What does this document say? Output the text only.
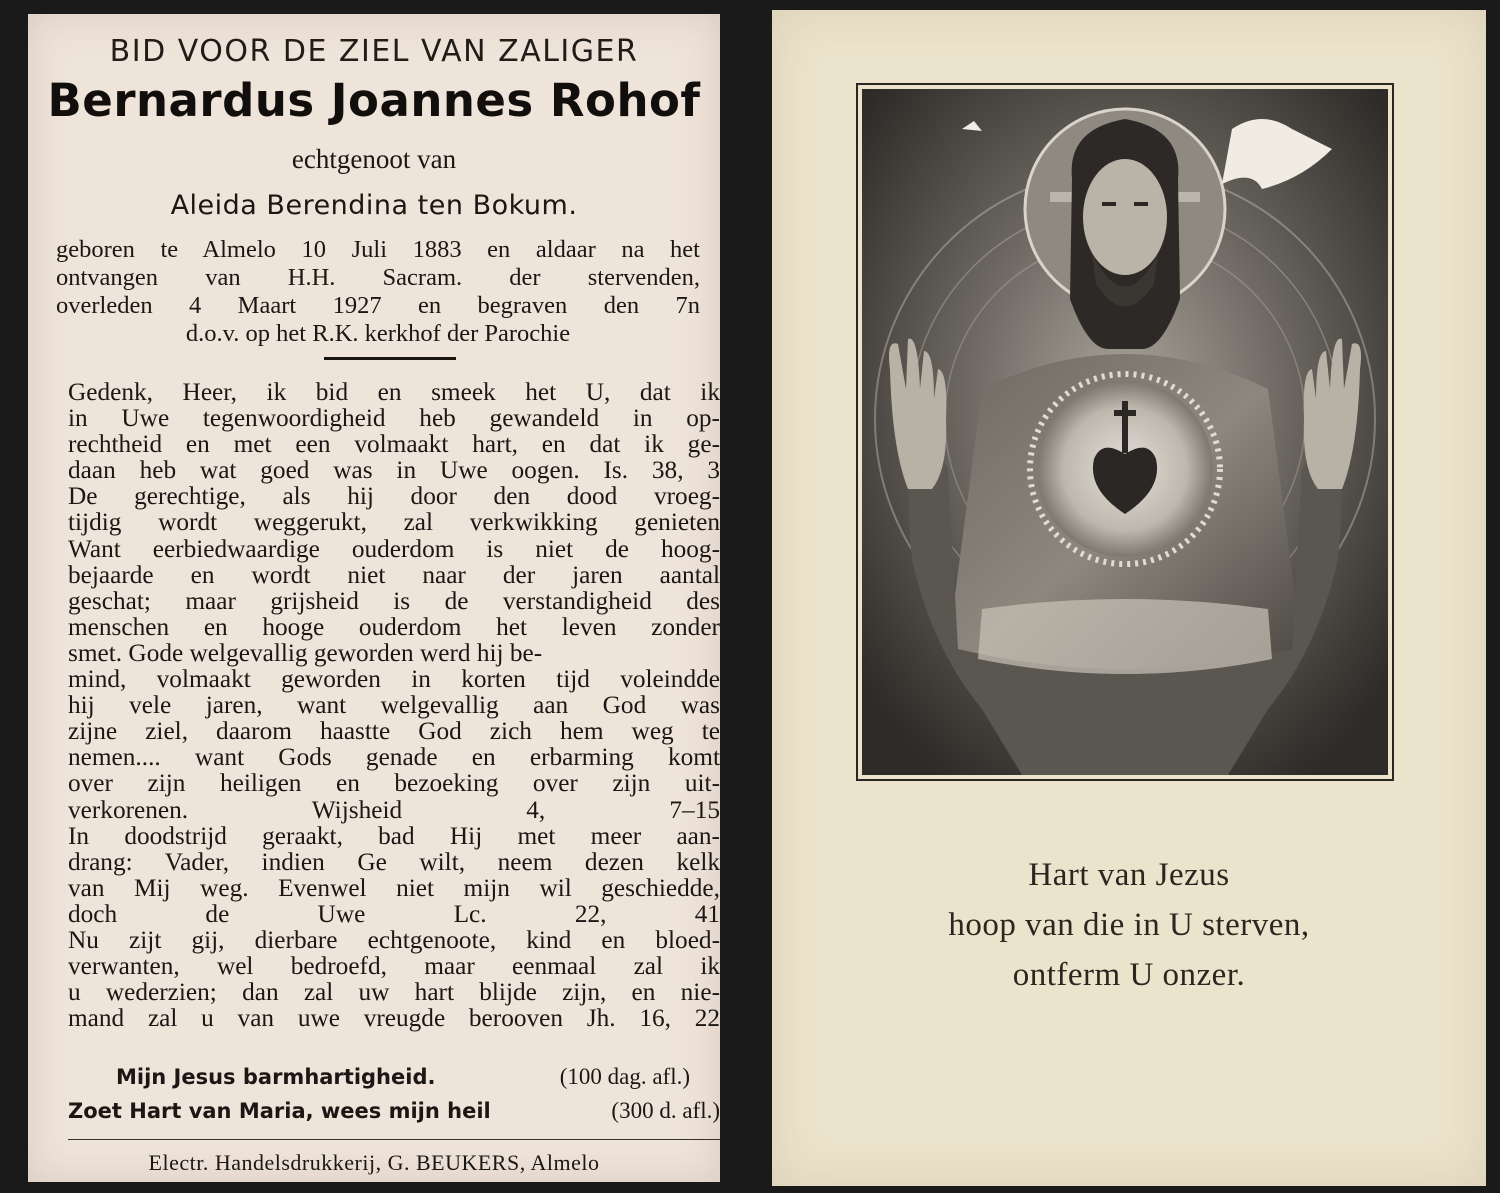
BID VOOR DE ZIEL VAN ZALIGER
Bernardus Joannes Rohof
echtgenoot van
Aleida Berendina ten Bokum.
geboren te Almelo 10 Juli 1883 en aldaar na het
ontvangen van H.H. Sacram. der stervenden,
overleden 4 Maart 1927 en begraven den 7n
d.o.v. op het R.K. kerkhof der Parochie
Gedenk, Heer, ik bid en smeek het U, dat ik
in Uwe tegenwoordigheid heb gewandeld in op-
rechtheid en met een volmaakt hart, en dat ik ge-
daan heb wat goed was in Uwe oogen. Is. 38, 3
De gerechtige, als hij door den dood vroeg-
tijdig wordt weggerukt, zal verkwikking genieten
Want eerbiedwaardige ouderdom is niet de hoog-
bejaarde en wordt niet naar der jaren aantal
geschat; maar grijsheid is de verstandigheid des
menschen en hooge ouderdom het leven zonder
smet. Gode welgevallig geworden werd hij be-
mind, volmaakt geworden in korten tijd voleindde
hij vele jaren, want welgevallig aan God was
zijne ziel, daarom haastte God zich hem weg te
nemen.... want Gods genade en erbarming komt
over zijn heiligen en bezoeking over zijn uit-
verkorenen. Wijsheid 4, 7–15
In doodstrijd geraakt, bad Hij met meer aan-
drang: Vader, indien Ge wilt, neem dezen kelk
van Mij weg. Evenwel niet mijn wil geschiedde,
doch de Uwe Lc. 22, 41
Nu zijt gij, dierbare echtgenoote, kind en bloed-
verwanten, wel bedroefd, maar eenmaal zal ik
u wederzien; dan zal uw hart blijde zijn, en nie-
mand zal u van uwe vreugde berooven Jh. 16, 22
Mijn Jesus barmhartigheid.	(100 dag. afl.)
Zoet Hart van Maria, wees mijn heil	(300 d. afl.)
Electr. Handelsdrukkerij, G. BEUKERS, Almelo
Hart van Jezus
hoop van die in U sterven,
ontferm U onzer.
